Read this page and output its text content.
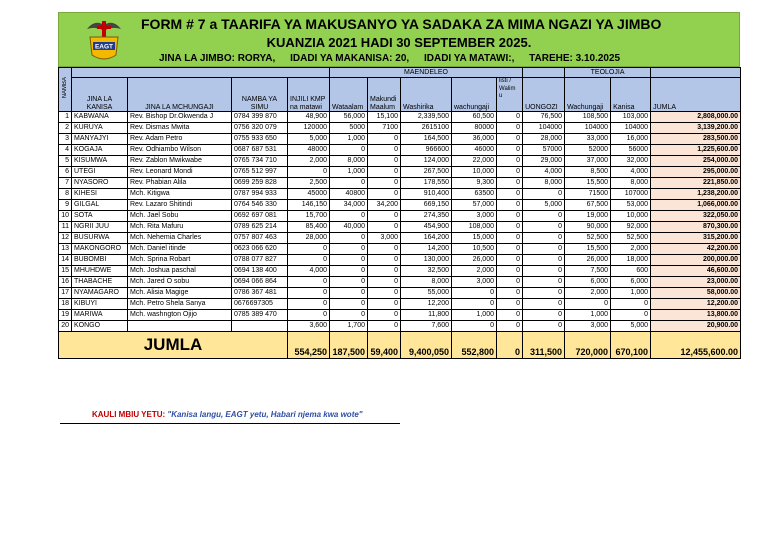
EAGT
FORM # 7 a TAARIFA YA MAKUSANYO YA SADAKA ZA MIMA NGAZI YA JIMBO
KUANZIA 2021 HADI 30 SEPTEMBER 2025.
JINA LA JIMBO: RORYA, IDADI YA MAKANISA: 20, IDADI YA MATAWI:, TAREHE: 3.10.2025
NAMBA					MAENDELEO						TEOLOJIA		
	JINA LA KANISA	JINA LA MCHUNGAJI	NAMBA YA SIMU	INJILI KMP na matawi	Wataalam	Makundi Maalum	Washirika	wachungaji	listi / Walim u	UONGOZI	Wachungaji	Kanisa	JUMLA
1	KABWANA	Rev. Bishop Dr.Okwenda J	0784 399 870	48,900	56,000	15,100	2,339,500	60,500	0	76,500	108,500	103,000	2,808,000.00
2	KURUYA	Rev. Dismas Mwita	0756 320 079	120000	5000	7100	2615100	80000	0	104000	104000	104000	3,139,200.00
3	MANYAJYI	Rev. Adam Petro	0755 933 650	5,000	1,000	0	164,500	36,000	0	28,000	33,000	16,000	283,500.00
4	KOGAJA	Rev. Odhiambo Wilson	0687 687 531	48000	0	0	966600	46000	0	57000	52000	56000	1,225,600.00
5	KISUMWA	Rev. Zablon Mwikwabe	0765 734 710	2,000	8,000	0	124,000	22,000	0	29,000	37,000	32,000	254,000.00
6	UTEGI	Rev. Leonard Mondi	0765 512 997	0	1,000	0	267,500	10,000	0	4,000	8,500	4,000	295,000.00
7	NYASORO	Rev. Phabian Alila	0699 259 828	2,500	0	0	178,550	9,300	0	8,000	15,500	8,000	221,850.00
8	KIHESI	Mch. Kitigwa	0787 994 933	45000	40800	0	910,400	63500	0	0	71500	107000	1,238,200.00
9	GILGAL	Rev. Lazaro Shitindi	0764 546 330	146,150	34,000	34,200	669,150	57,000	0	5,000	67,500	53,000	1,066,000.00
10	SOTA	Mch. Jael Sobu	0692 697 081	15,700	0	0	274,350	3,000	0	0	19,000	10,000	322,050.00
11	NGRII JUU	Mch. Rita Mafuru	0789 625 214	85,400	40,000	0	454,900	108,000	0	0	90,000	92,000	870,300.00
12	BUSURWA	Mch. Nehemia Charles	0757 807 463	28,000	0	3,000	164,200	15,000	0	0	52,500	52,500	315,200.00
13	MAKONGORO	Mch. Daniel itinde	0623 066 620	0	0	0	14,200	10,500	0	0	15,500	2,000	42,200.00
14	BUBOMBI	Mch. Sprina Robart	0788 077 827	0	0	0	130,000	26,000	0	0	26,000	18,000	200,000.00
15	MHUHDWE	Mch. Joshua paschal	0694 138 400	4,000	0	0	32,500	2,000	0	0	7,500	600	46,600.00
16	THABACHE	Mch. Jared O sobu	0694 066 864	0	0	0	8,000	3,000	0	0	6,000	6,000	23,000.00
17	NYAMAGARO	Mch. Alisia Magige	0786 367 481	0	0	0	55,000	0	0	0	2,000	1,000	58,000.00
18	KIBUYI	Mch. Petro Shela Sanya	0676697305	0	0	0	12,200	0	0	0	0	0	12,200.00
19	MARIWA	Mch. washngton Ojijo	0785 389 470	0	0	0	11,800	1,000	0	0	1,000	0	13,800.00
20	KONGO			3,600	1,700	0	7,600	0	0	0	3,000	5,000	20,900.00
JUMLA				554,250	187,500	59,400	9,400,050	552,800	0	311,500	720,000	670,100	12,455,600.00
KAULI MBIU YETU: "Kanisa langu, EAGT yetu, Habari njema kwa wote"
